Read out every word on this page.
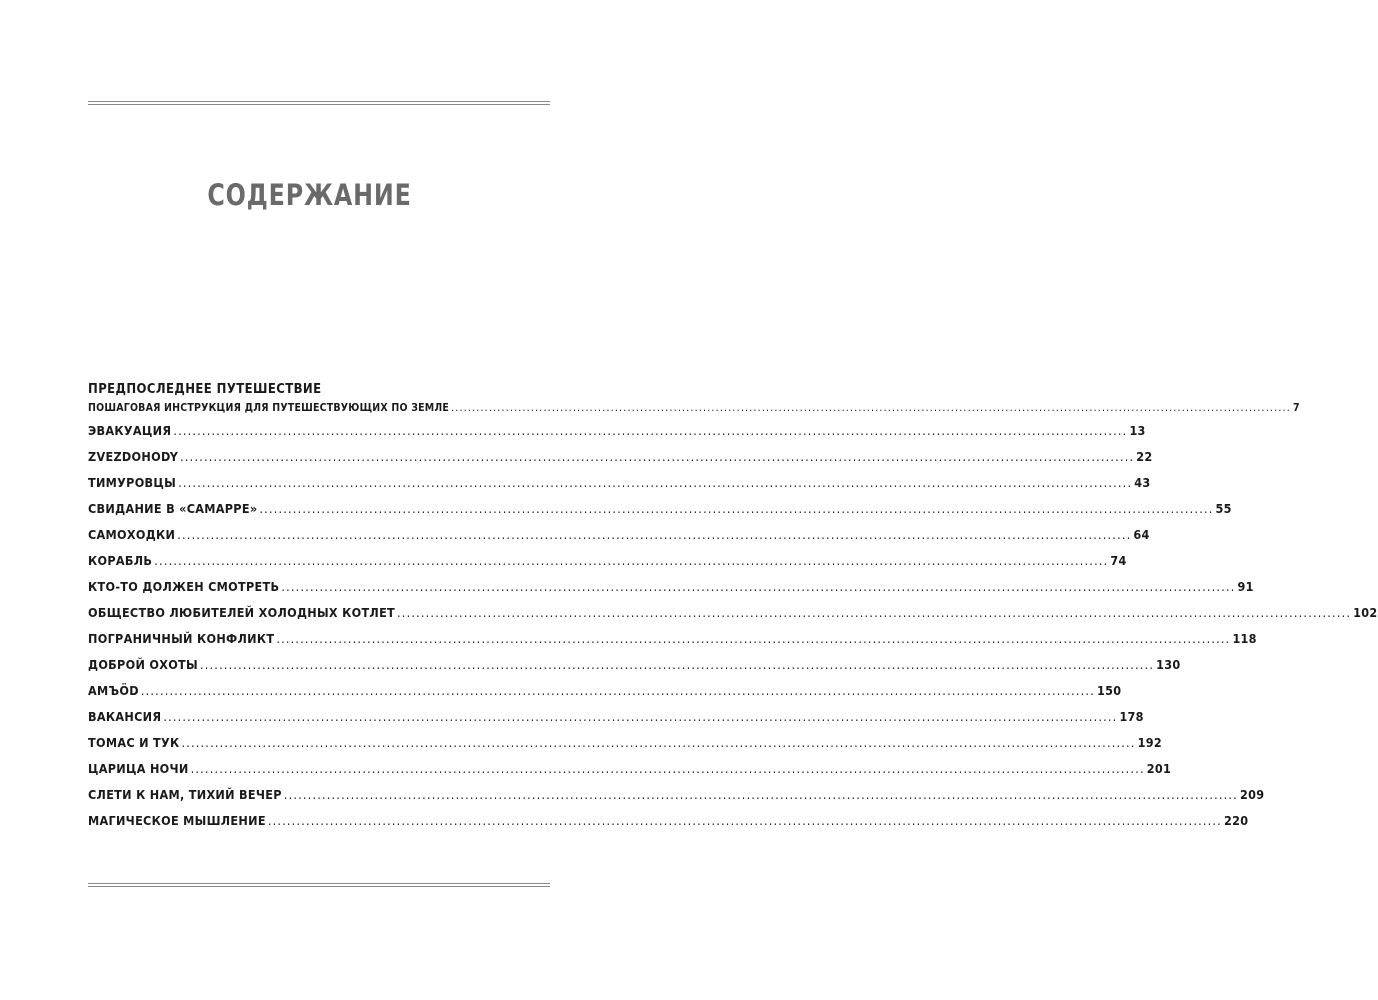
СОДЕРЖАНИЕ
ПРЕДПОСЛЕДНЕЕ ПУТЕШЕСТВИЕ
ПОШАГОВАЯ ИНСТРУКЦИЯ ДЛЯ ПУТЕШЕСТВУЮЩИХ ПО ЗЕМЛЕ ........................................................................................................................................................................................................ 7
ЭВАКУАЦИЯ ........................................................................................................................................................................................................ 13
ZVEZDOHODY ........................................................................................................................................................................................................ 22
ТИМУРОВЦЫ ........................................................................................................................................................................................................ 43
СВИДАНИЕ В «САМАРРЕ» ........................................................................................................................................................................................................ 55
САМОХОДКИ ........................................................................................................................................................................................................ 64
КОРАБЛЬ ........................................................................................................................................................................................................ 74
КТО-ТО ДОЛЖЕН СМОТРЕТЬ ........................................................................................................................................................................................................ 91
ОБЩЕСТВО ЛЮБИТЕЛЕЙ ХОЛОДНЫХ КОТЛЕТ ........................................................................................................................................................................................................ 102
ПОГРАНИЧНЫЙ КОНФЛИКТ ........................................................................................................................................................................................................ 118
ДОБРОЙ ОХОТЫ ........................................................................................................................................................................................................ 130
AMЪÖD ........................................................................................................................................................................................................ 150
ВАКАНСИЯ ........................................................................................................................................................................................................ 178
ТОМАС И ТУК ........................................................................................................................................................................................................ 192
ЦАРИЦА НОЧИ ........................................................................................................................................................................................................ 201
СЛЕТИ К НАМ, ТИХИЙ ВЕЧЕР ........................................................................................................................................................................................................ 209
МАГИЧЕСКОЕ МЫШЛЕНИЕ ........................................................................................................................................................................................................ 220
